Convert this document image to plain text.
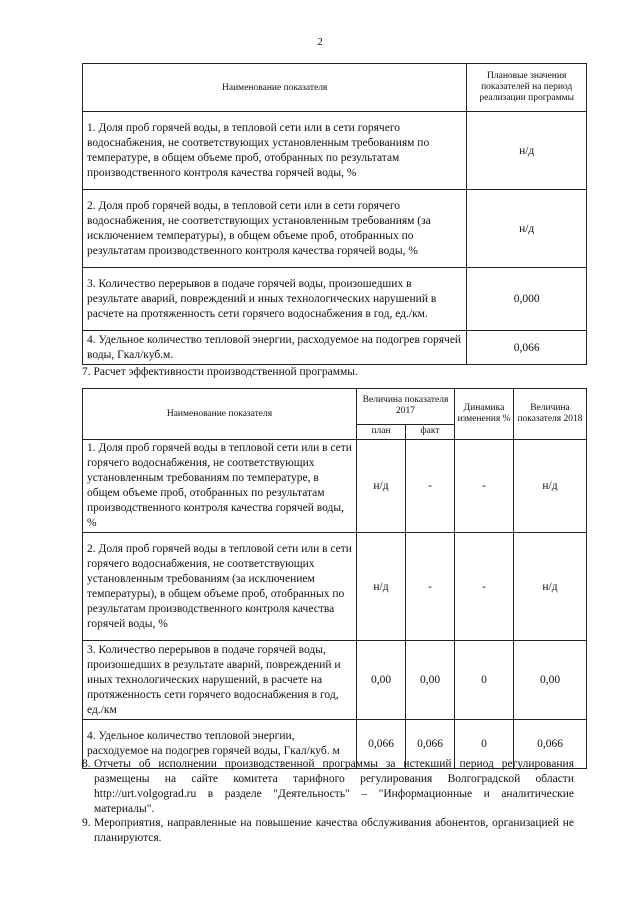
2
Наименование показателя	Плановые значения показателей на период реализации программы
1. Доля проб горячей воды, в тепловой сети или в сети горячего водоснабжения, не соответствующих установленным требованиям по температуре, в общем объеме проб, отобранных по результатам производственного контроля качества горячей воды, %	н/д
2. Доля проб горячей воды, в тепловой сети или в сети горячего водоснабжения, не соответствующих установленным требованиям (за исключением температуры), в общем объеме проб, отобранных по результатам производственного контроля качества горячей воды, %	н/д
3. Количество перерывов в подаче горячей воды, произошедших в результате аварий, повреждений и иных технологических нарушений в расчете на протяженность сети горячего водоснабжения в год, ед./км.	0,000
4. Удельное количество тепловой энергии, расходуемое на подогрев горячей воды, Гкал/куб.м.	0,066
7. Расчет эффективности производственной программы.
Наименование показателя	Величина показателя 2017		Динамика изменения %	Величина показателя 2018
	план	факт		
1. Доля проб горячей воды в тепловой сети или в сети горячего водоснабжения, не соответствующих установленным требованиям по температуре, в общем объеме проб, отобранных по результатам производственного контроля качества горячей воды, %	н/д	-	-	н/д
2. Доля проб горячей воды в тепловой сети или в сети горячего водоснабжения, не соответствующих установленным требованиям (за исключением температуры), в общем объеме проб, отобранных по результатам производственного контроля качества горячей воды, %	н/д	-	-	н/д
3. Количество перерывов в подаче горячей воды, произошедших в результате аварий, повреждений и иных технологических нарушений, в расчете на протяженность сети горячего водоснабжения в год, ед./км	0,00	0,00	0	0,00
4. Удельное количество тепловой энергии, расходуемое на подогрев горячей воды, Гкал/куб. м	0,066	0,066	0	0,066
8. Отчеты об исполнении производственной программы за истекший период регулирования размещены на сайте комитета тарифного регулирования Волгоградской области http://urt.volgograd.ru в разделе "Деятельность" – "Информационные и аналитические материалы".
9. Мероприятия, направленные на повышение качества обслуживания абонентов, организацией не планируются.
